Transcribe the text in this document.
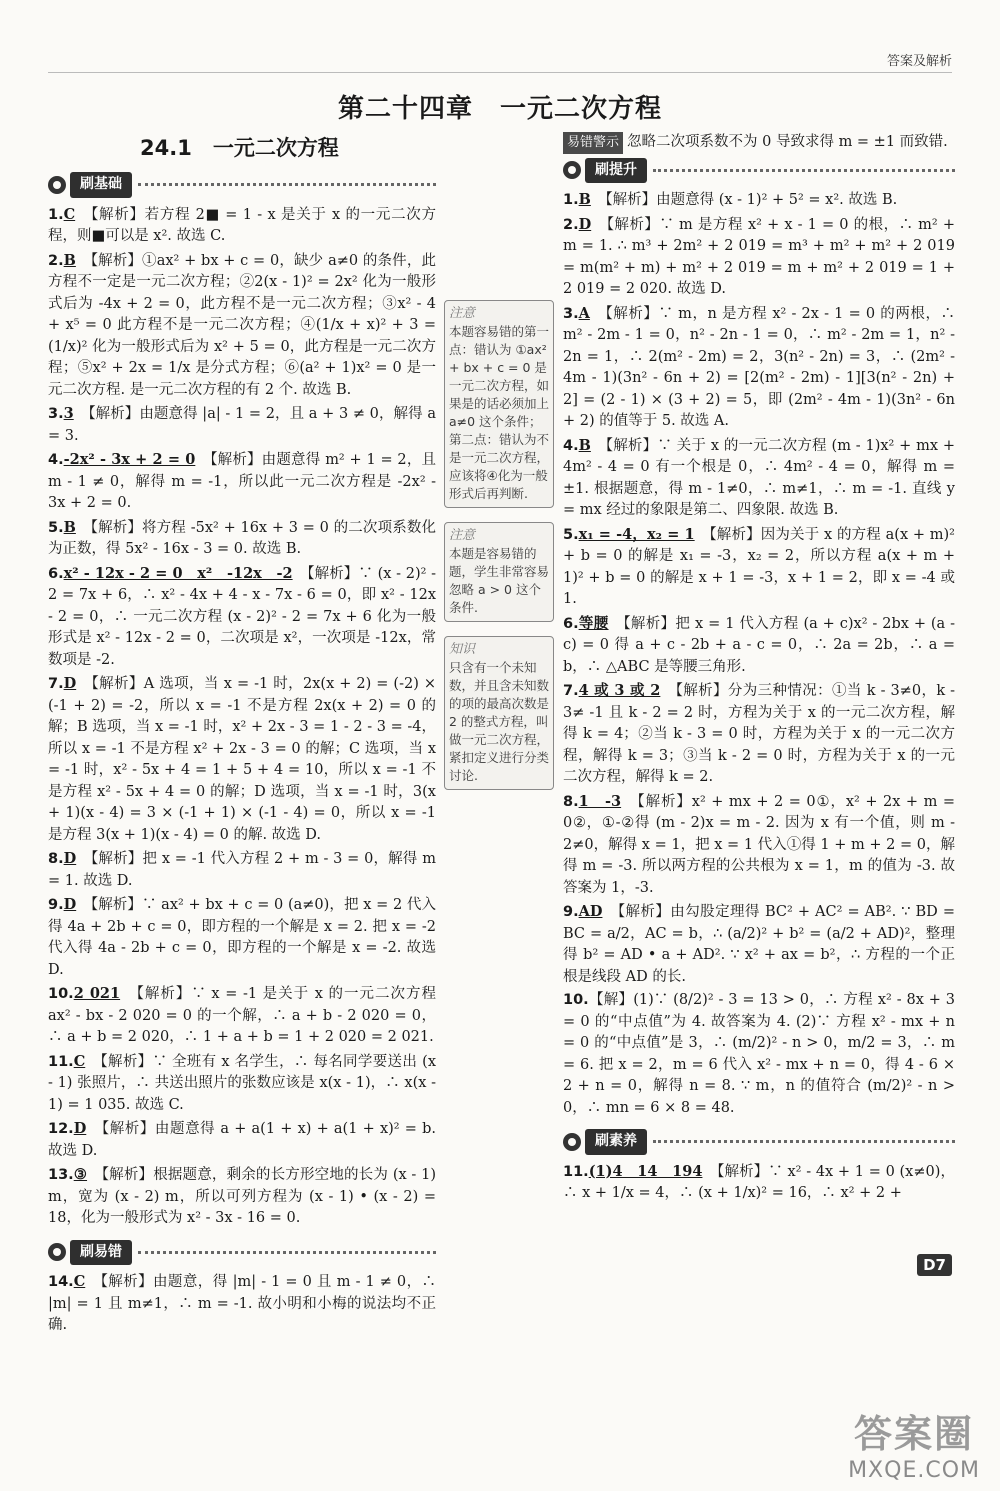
答案及解析
第二十四章　一元二次方程
24.1　一元二次方程
刷基础
1.C　 【解析】若方程 2■ = 1 - x 是关于 x 的一元二次方程，则■可以是 x². 故选 C.
2.B　 【解析】①ax² + bx + c = 0，缺少 a≠0 的条件，此方程不一定是一元二次方程；②2(x - 1)² = 2x² 化为一般形式后为 -4x + 2 = 0，此方程不是一元二次方程；③x² - 4 + x⁵ = 0 此方程不是一元二次方程；④(1/x + x)² + 3 = (1/x)² 化为一般形式后为 x² + 5 = 0，此方程是一元二次方程；⑤x² + 2x = 1/x 是分式方程；⑥(a² + 1)x² = 0 是一元二次方程. 是一元二次方程的有 2 个. 故选 B.
3.3　 【解析】由题意得 |a| - 1 = 2，且 a + 3 ≠ 0，解得 a = 3.
4.-2x² - 3x + 2 = 0　 【解析】由题意得 m² + 1 = 2，且 m - 1 ≠ 0，解得 m = -1，所以此一元二次方程是 -2x² - 3x + 2 = 0.
5.B　 【解析】将方程 -5x² + 16x + 3 = 0 的二次项系数化为正数，得 5x² - 16x - 3 = 0. 故选 B.
6.x² - 12x - 2 = 0　x²　-12x　-2　 【解析】∵ (x - 2)² - 2 = 7x + 6，∴ x² - 4x + 4 - x - 7x - 6 = 0，即 x² - 12x - 2 = 0，∴ 一元二次方程 (x - 2)² - 2 = 7x + 6 化为一般形式是 x² - 12x - 2 = 0，二次项是 x²，一次项是 -12x，常数项是 -2.
7.D　 【解析】A 选项，当 x = -1 时，2x(x + 2) = (-2) × (-1 + 2) = -2，所以 x = -1 不是方程 2x(x + 2) = 0 的解；B 选项，当 x = -1 时，x² + 2x - 3 = 1 - 2 - 3 = -4，所以 x = -1 不是方程 x² + 2x - 3 = 0 的解；C 选项，当 x = -1 时，x² - 5x + 4 = 1 + 5 + 4 = 10，所以 x = -1 不是方程 x² - 5x + 4 = 0 的解；D 选项，当 x = -1 时，3(x + 1)(x - 4) = 3 × (-1 + 1) × (-1 - 4) = 0，所以 x = -1 是方程 3(x + 1)(x - 4) = 0 的解. 故选 D.
8.D　 【解析】把 x = -1 代入方程 2 + m - 3 = 0，解得 m = 1. 故选 D.
9.D　 【解析】∵ ax² + bx + c = 0 (a≠0)，把 x = 2 代入得 4a + 2b + c = 0，即方程的一个解是 x = 2. 把 x = -2 代入得 4a - 2b + c = 0，即方程的一个解是 x = -2. 故选 D.
10.2 021　 【解析】∵ x = -1 是关于 x 的一元二次方程 ax² - bx - 2 020 = 0 的一个解，∴ a + b - 2 020 = 0，∴ a + b = 2 020，∴ 1 + a + b = 1 + 2 020 = 2 021.
11.C　 【解析】∵ 全班有 x 名学生，∴ 每名同学要送出 (x - 1) 张照片，∴ 共送出照片的张数应该是 x(x - 1)，∴ x(x - 1) = 1 035. 故选 C.
12.D　 【解析】由题意得 a + a(1 + x) + a(1 + x)² = b. 故选 D.
13.③　 【解析】根据题意，剩余的长方形空地的长为 (x - 1) m，宽为 (x - 2) m，所以可列方程为 (x - 1) • (x - 2) = 18，化为一般形式为 x² - 3x - 16 = 0.
刷易错
14.C　 【解析】由题意，得 |m| - 1 = 0 且 m - 1 ≠ 0，∴ |m| = 1 且 m≠1，∴ m = -1. 故小明和小梅的说法均不正确.
注意
本题容易错的第一点：错认为 ①ax² + bx + c = 0 是一元二次方程，如果是的话必须加上 a≠0 这个条件；第二点：错认为不是一元二次方程，应该将④化为一般形式后再判断.
注意
本题是容易错的题，学生非常容易忽略 a > 0 这个条件.
知识
只含有一个未知数，并且含未知数的项的最高次数是 2 的整式方程，叫做一元二次方程，紧扣定义进行分类讨论.
易错警示 忽略二次项系数不为 0 导致求得 m = ±1 而致错.
刷提升
1.B　 【解析】由题意得 (x - 1)² + 5² = x². 故选 B.
2.D　 【解析】∵ m 是方程 x² + x - 1 = 0 的根，∴ m² + m = 1. ∴ m³ + 2m² + 2 019 = m³ + m² + m² + 2 019 = m(m² + m) + m² + 2 019 = m + m² + 2 019 = 1 + 2 019 = 2 020. 故选 D.
3.A　 【解析】∵ m，n 是方程 x² - 2x - 1 = 0 的两根，∴ m² - 2m - 1 = 0，n² - 2n - 1 = 0，∴ m² - 2m = 1，n² - 2n = 1，∴ 2(m² - 2m) = 2，3(n² - 2n) = 3，∴ (2m² - 4m - 1)(3n² - 6n + 2) = [2(m² - 2m) - 1][3(n² - 2n) + 2] = (2 - 1) × (3 + 2) = 5，即 (2m² - 4m - 1)(3n² - 6n + 2) 的值等于 5. 故选 A.
4.B　 【解析】∵ 关于 x 的一元二次方程 (m - 1)x² + mx + 4m² - 4 = 0 有一个根是 0，∴ 4m² - 4 = 0，解得 m = ±1. 根据题意，得 m - 1≠0，∴ m≠1，∴ m = -1. 直线 y = mx 经过的象限是第二、四象限. 故选 B.
5.x₁ = -4，x₂ = 1　 【解析】因为关于 x 的方程 a(x + m)² + b = 0 的解是 x₁ = -3，x₂ = 2，所以方程 a(x + m + 1)² + b = 0 的解是 x + 1 = -3，x + 1 = 2，即 x = -4 或 1.
6.等腰　 【解析】把 x = 1 代入方程 (a + c)x² - 2bx + (a - c) = 0 得 a + c - 2b + a - c = 0，∴ 2a = 2b，∴ a = b，∴ △ABC 是等腰三角形.
7.4 或 3 或 2　 【解析】分为三种情况：①当 k - 3≠0，k - 3≠ -1 且 k - 2 = 2 时，方程为关于 x 的一元二次方程，解得 k = 4；②当 k - 3 = 0 时，方程为关于 x 的一元二次方程，解得 k = 3；③当 k - 2 = 0 时，方程为关于 x 的一元二次方程，解得 k = 2.
8.1　-3　 【解析】x² + mx + 2 = 0①，x² + 2x + m = 0②，①-②得 (m - 2)x = m - 2. 因为 x 有一个值，则 m - 2≠0，解得 x = 1，把 x = 1 代入①得 1 + m + 2 = 0，解得 m = -3. 所以两方程的公共根为 x = 1，m 的值为 -3. 故答案为 1，-3.
9.AD　 【解析】由勾股定理得 BC² + AC² = AB². ∵ BD = BC = a/2，AC = b，∴ (a/2)² + b² = (a/2 + AD)²，整理得 b² = AD • a + AD². ∵ x² + ax = b²，∴ 方程的一个正根是线段 AD 的长.
10.【解】(1)∵ (8/2)² - 3 = 13 > 0，∴ 方程 x² - 8x + 3 = 0 的“中点值”为 4. 故答案为 4. (2)∵ 方程 x² - mx + n = 0 的“中点值”是 3，∴ (m/2)² - n > 0，m/2 = 3，∴ m = 6. 把 x = 2，m = 6 代入 x² - mx + n = 0，得 4 - 6 × 2 + n = 0，解得 n = 8. ∵ m，n 的值符合 (m/2)² - n > 0，∴ mn = 6 × 8 = 48.
刷素养
11.(1)4　14　194　 【解析】∵ x² - 4x + 1 = 0 (x≠0)，∴ x + 1/x = 4，∴ (x + 1/x)² = 16，∴ x² + 2 +
D7
答案圈
MXQE.COM
